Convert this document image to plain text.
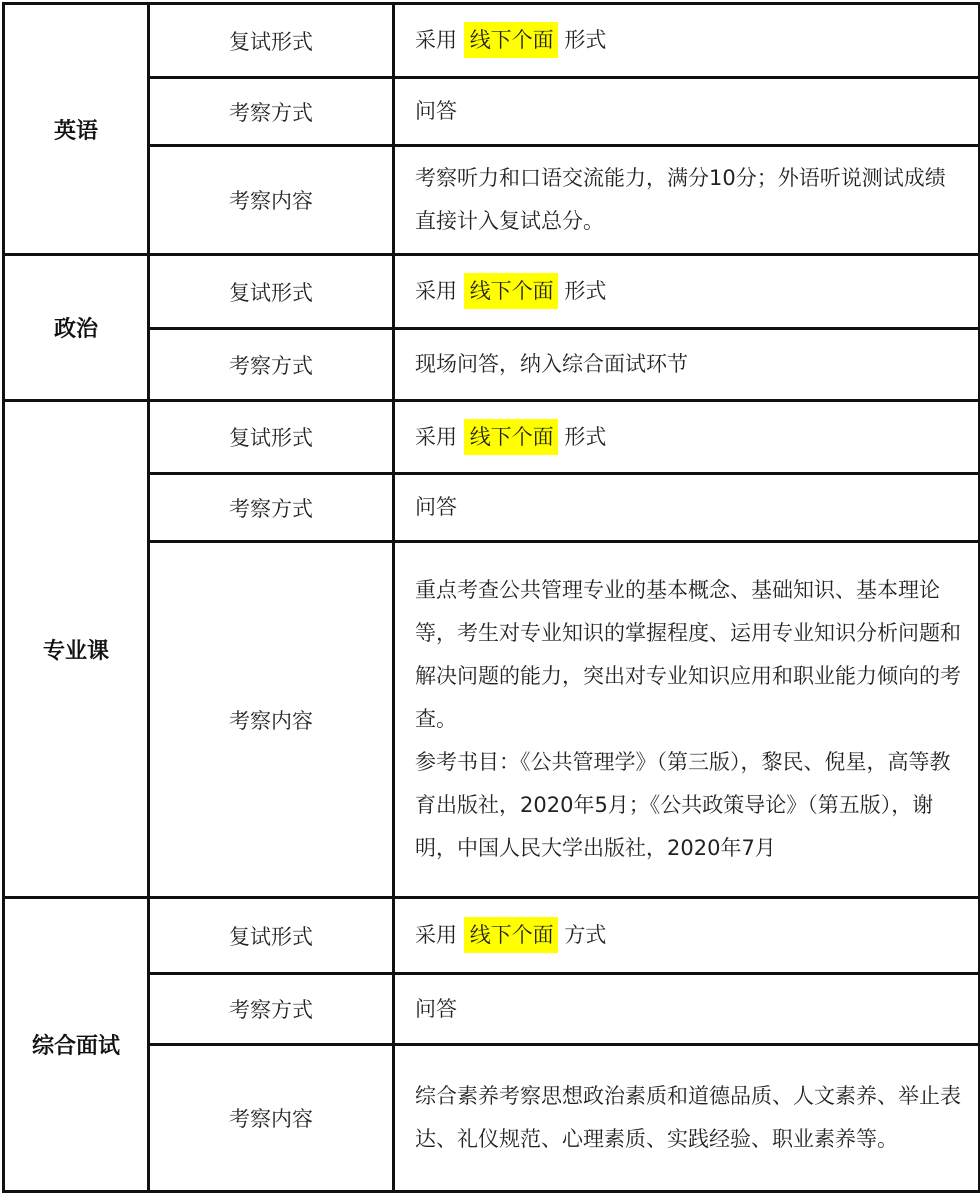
英语	复试形式	采用 线下个面 形式
	考察方式	问答
	考察内容	考察听力和口语交流能力，满分10分；外语听说测试成绩直接计入复试总分。
政治	复试形式	采用 线下个面 形式
	考察方式	现场问答，纳入综合面试环节
专业课	复试形式	采用 线下个面 形式
	考察方式	问答
	考察内容	重点考查公共管理专业的基本概念、基础知识、基本理论等，考生对专业知识的掌握程度、运用专业知识分析问题和解决问题的能力，突出对专业知识应用和职业能力倾向的考查。
参考书目：《公共管理学》（第三版），黎民、倪星，高等教育出版社，2020年5月；《公共政策导论》（第五版），谢明，中国人民大学出版社，2020年7月

综合面试	复试形式	采用 线下个面 方式
	考察方式	问答
	考察内容	综合素养考察思想政治素质和道德品质、人文素养、举止表达、礼仪规范、心理素质、实践经验、职业素养等。
